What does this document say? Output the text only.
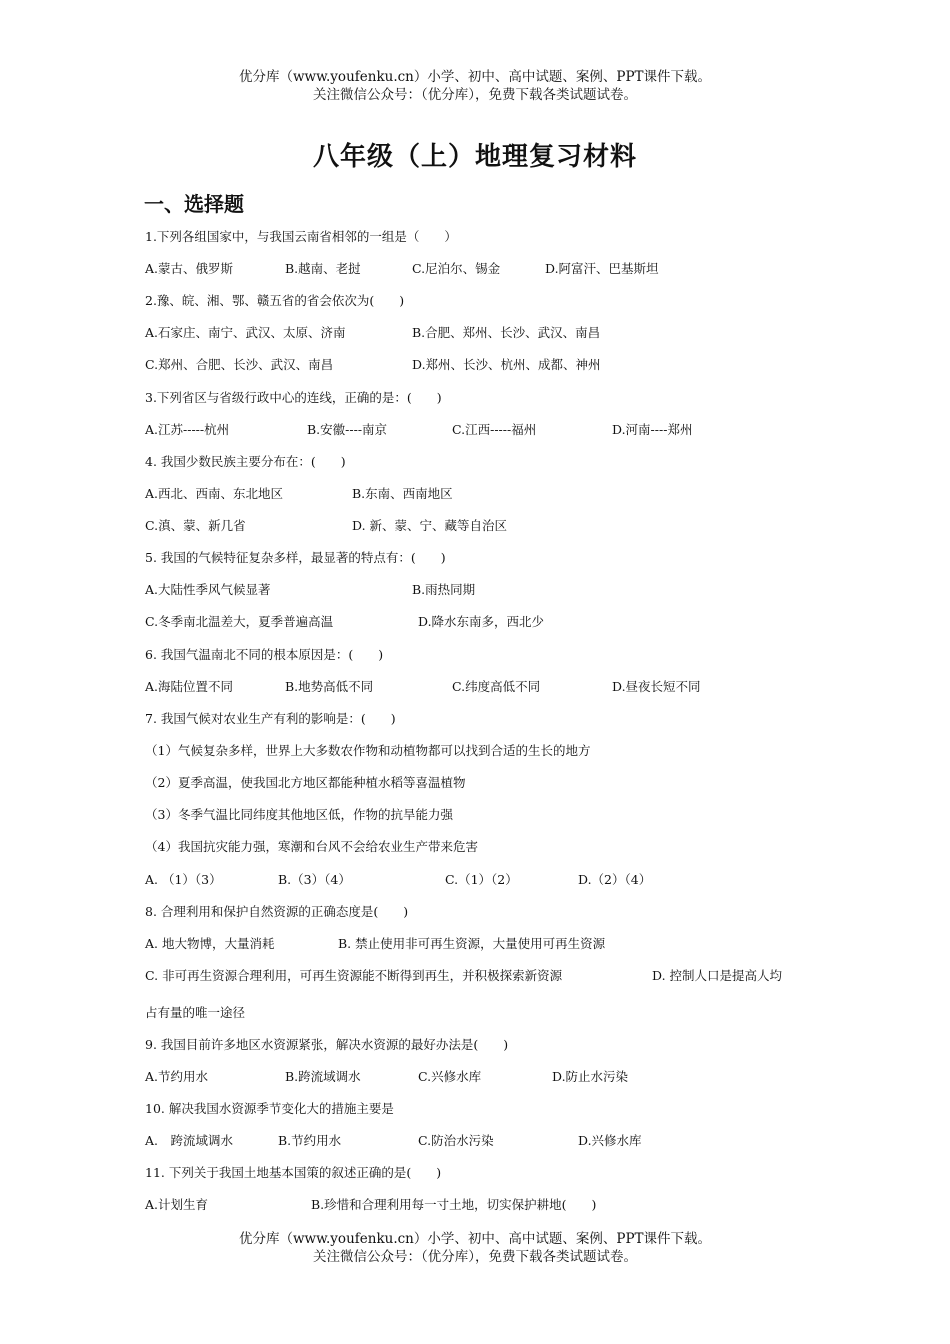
优分库（www.youfenku.cn）小学、初中、高中试题、案例、PPT课件下载。
关注微信公众号：（优分库），免费下载各类试题试卷。
八年级（上）地理复习材料
一、选择题
1.下列各组国家中，与我国云南省相邻的一组是（　　）
A.蒙古、俄罗斯	B.越南、老挝	C.尼泊尔、锡金	D.阿富汗、巴基斯坦
2.豫、皖、湘、鄂、赣五省的省会依次为(　　)
A.石家庄、南宁、武汉、太原、济南	B.合肥、郑州、长沙、武汉、南昌
C.郑州、合肥、长沙、武汉、南昌	D.郑州、长沙、杭州、成都、神州
3.下列省区与省级行政中心的连线，正确的是：(　　)
A.江苏-----杭州	B.安徽----南京	C.江西-----福州	D.河南----郑州
4. 我国少数民族主要分布在：(　　)
A.西北、西南、东北地区	B.东南、西南地区
C.滇、蒙、新几省	D. 新、蒙、宁、藏等自治区
5. 我国的气候特征复杂多样，最显著的特点有：(　　)
A.大陆性季风气候显著	B.雨热同期
C.冬季南北温差大，夏季普遍高温	D.降水东南多，西北少
6. 我国气温南北不同的根本原因是：(　　)
A.海陆位置不同	B.地势高低不同	C.纬度高低不同	D.昼夜长短不同
7. 我国气候对农业生产有利的影响是：(　　)
（1）气候复杂多样，世界上大多数农作物和动植物都可以找到合适的生长的地方
（2）夏季高温，使我国北方地区都能种植水稻等喜温植物
（3）冬季气温比同纬度其他地区低，作物的抗旱能力强
（4）我国抗灾能力强，寒潮和台风不会给农业生产带来危害
A. （1）（3）	B.（3）（4）	C.（1）（2）	D.（2）（4）
8. 合理利用和保护自然资源的正确态度是(　　)
A. 地大物博，大量消耗	B. 禁止使用非可再生资源，大量使用可再生资源
C. 非可再生资源合理利用，可再生资源能不断得到再生，并积极探索新资源	D. 控制人口是提高人均
占有量的唯一途径
9. 我国目前许多地区水资源紧张，解决水资源的最好办法是(　　)
A.节约用水	B.跨流域调水	C.兴修水库	D.防止水污染
10. 解决我国水资源季节变化大的措施主要是
A.　跨流域调水	B.节约用水	C.防治水污染	D.兴修水库
11. 下列关于我国土地基本国策的叙述正确的是(　　)
A.计划生育	B.珍惜和合理利用每一寸土地，切实保护耕地(　　)
优分库（www.youfenku.cn）小学、初中、高中试题、案例、PPT课件下载。
关注微信公众号：（优分库），免费下载各类试题试卷。
